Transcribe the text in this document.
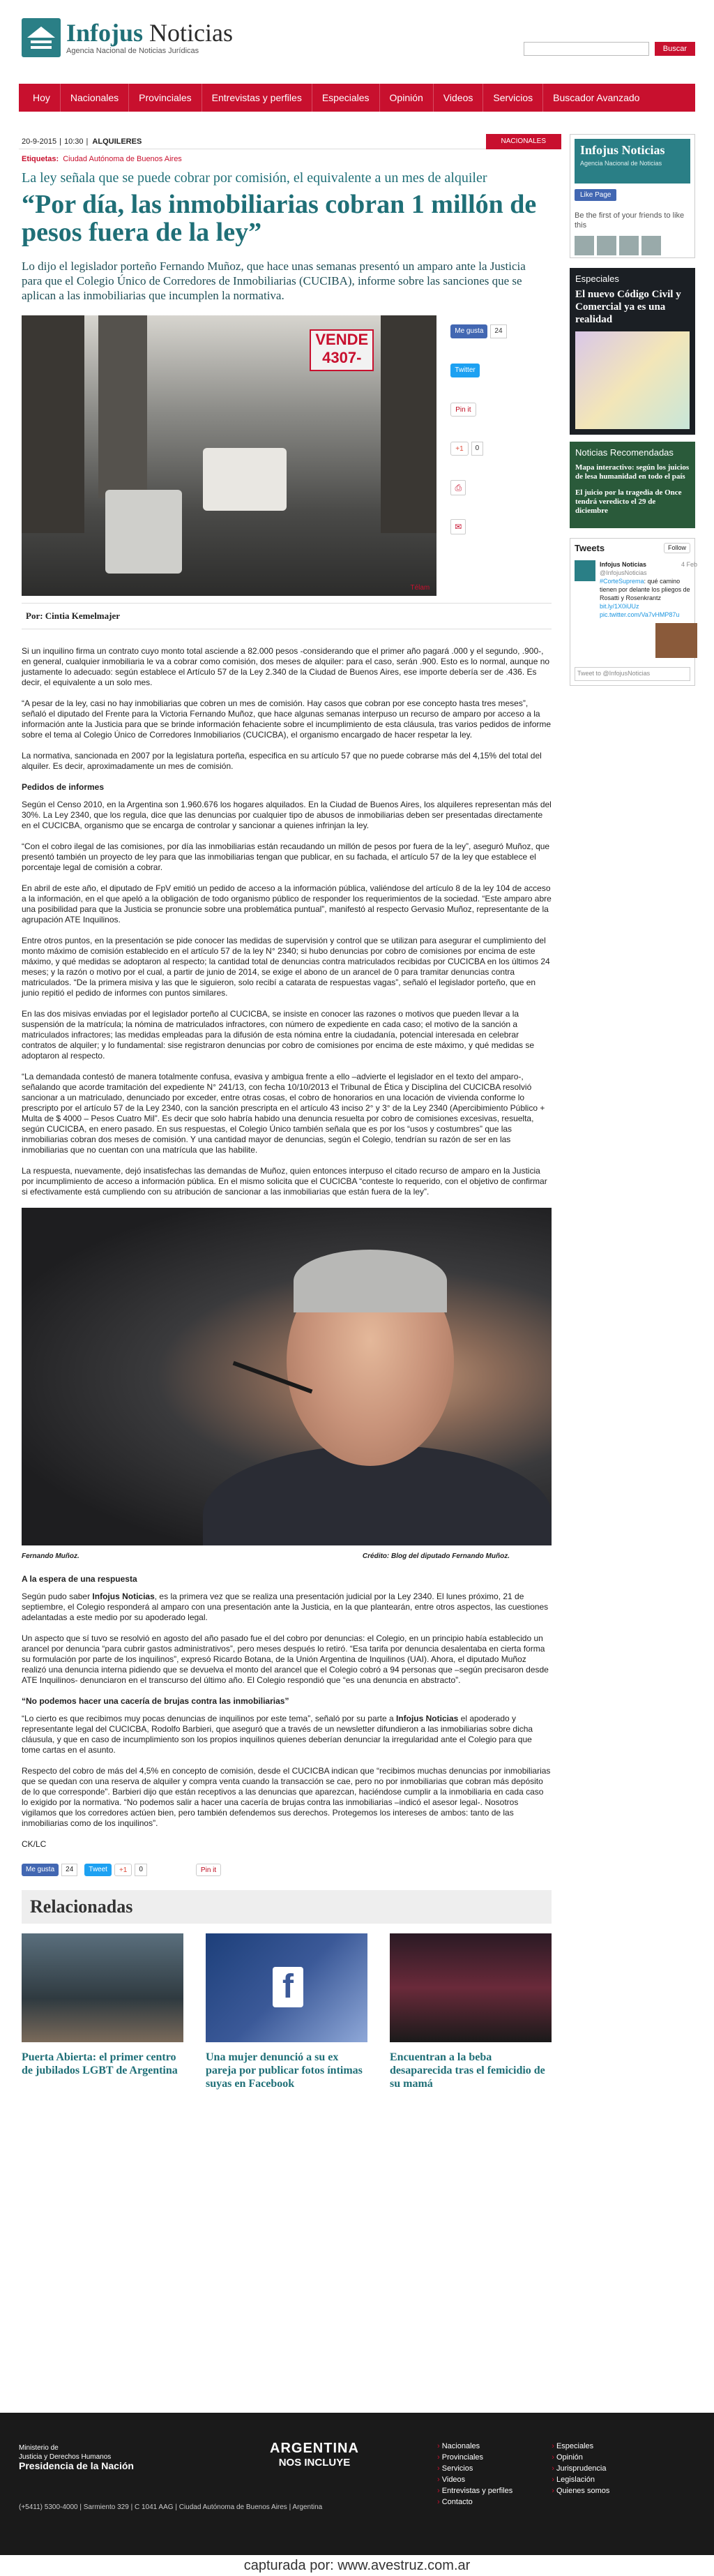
Infojus Noticias
Agencia Nacional de Noticias Jurídicas	Buscar
Hoy	Nacionales	Provinciales	Entrevistas y perfiles	Especiales	Opinión	Videos	Servicios	Buscador Avanzado
20-9-2015 | 10:30 | ALQUILERES	NACIONALES
Etiquetas: Ciudad Autónoma de Buenos Aires
La ley señala que se puede cobrar por comisión, el equivalente a un mes de alquiler
“Por día, las inmobiliarias cobran 1 millón de pesos fuera de la ley”
Lo dijo el legislador porteño Fernando Muñoz, que hace unas semanas presentó un amparo ante la Justicia para que el Colegio Único de Corredores de Inmobiliarias (CUCIBA), informe sobre las sanciones que se aplican a las inmobiliarias que incumplen la normativa.
VENDE 4307-
Télam
Me gusta	24
Twitter
Pin it
+1	0
⎙
✉
Por: Cintia Kemelmajer

Si un inquilino firma un contrato cuyo monto total asciende a 82.000 pesos -considerando que el primer año pagará .000 y el segundo, .900-, en general, cualquier inmobiliaria le va a cobrar como comisión, dos meses de alquiler: para el caso, serán .900. Esto es lo normal, aunque no justamente lo adecuado: según establece el Artículo 57 de la Ley 2.340 de la Ciudad de Buenos Aires, ese importe debería ser de .436. Es decir, el equivalente a un solo mes.

“A pesar de la ley, casi no hay inmobiliarias que cobren un mes de comisión. Hay casos que cobran por ese concepto hasta tres meses”, señaló el diputado del Frente para la Victoria Fernando Muñoz, que hace algunas semanas interpuso un recurso de amparo por acceso a la información ante la Justicia para que se brinde información fehaciente sobre el incumplimiento de esta cláusula, tras varios pedidos de informe sobre el tema al Colegio Único de Corredores Inmobiliarios (CUCICBA), el organismo encargado de hacer respetar la ley.

La normativa, sancionada en 2007 por la legislatura porteña, especifica en su artículo 57 que no puede cobrarse más del 4,15% del total del alquiler. Es decir, aproximadamente un mes de comisión.

Pedidos de informes

Según el Censo 2010, en la Argentina son 1.960.676 los hogares alquilados. En la Ciudad de Buenos Aires, los alquileres representan más del 30%. La Ley 2340, que los regula, dice que las denuncias por cualquier tipo de abusos de inmobiliarias deben ser presentadas directamente en el CUCICBA, organismo que se encarga de controlar y sancionar a quienes infrinjan la ley.

“Con el cobro ilegal de las comisiones, por día las inmobiliarias están recaudando un millón de pesos por fuera de la ley”, aseguró Muñoz, que presentó también un proyecto de ley para que las inmobiliarias tengan que publicar, en su fachada, el artículo 57 de la ley que establece el porcentaje legal de comisión a cobrar.

En abril de este año, el diputado de FpV emitió un pedido de acceso a la información pública, valiéndose del artículo 8 de la ley 104 de acceso a la información, en el que apeló a la obligación de todo organismo público de responder los requerimientos de la sociedad. “Este amparo abre una posibilidad para que la Justicia se pronuncie sobre una problemática puntual”, manifestó al respecto Gervasio Muñoz, representante de la agrupación ATE Inquilinos.

Entre otros puntos, en la presentación se pide conocer las medidas de supervisión y control que se utilizan para asegurar el cumplimiento del monto máximo de comisión establecido en el artículo 57 de la ley N° 2340; si hubo denuncias por cobro de comisiones por encima de este máximo, y qué medidas se adoptaron al respecto; la cantidad total de denuncias contra matriculados recibidas por CUCICBA en los últimos 24 meses; y la razón o motivo por el cual, a partir de junio de 2014, se exige el abono de un arancel de 0 para tramitar denuncias contra matriculados. “De la primera misiva y las que le siguieron, solo recibí a catarata de respuestas vagas”, señaló el legislador porteño, que en junio repitió el pedido de informes con puntos similares.

En las dos misivas enviadas por el legislador porteño al CUCICBA, se insiste en conocer las razones o motivos que pueden llevar a la suspensión de la matrícula; la nómina de matriculados infractores, con número de expediente en cada caso; el motivo de la sanción a matriculados infractores; las medidas empleadas para la difusión de esta nómina entre la ciudadanía, potencial interesada en celebrar contratos de alquiler; y lo fundamental: sise registraron denuncias por cobro de comisiones por encima de este máximo, y qué medidas se adoptaron al respecto.

“La demandada contestó de manera totalmente confusa, evasiva y ambigua frente a ello –advierte el legislador en el texto del amparo-, señalando que acorde tramitación del expediente N° 241/13, con fecha 10/10/2013 el Tribunal de Ética y Disciplina del CUCICBA resolvió sancionar a un matriculado, denunciado por exceder, entre otras cosas, el cobro de honorarios en una locación de vivienda conforme lo prescripto por el artículo 57 de la Ley 2340, con la sanción prescripta en el artículo 43 inciso 2° y 3° de la Ley 2340 (Apercibimiento Público + Multa de $ 4000 – Pesos Cuatro Mil”. Es decir que solo habría habido una denuncia resuelta por cobro de comisiones excesivas, resuelta, según CUCICBA, en enero pasado. En sus respuestas, el Colegio Único también señala que es por los “usos y costumbres” que las inmobiliarias cobran dos meses de comisión. Y una cantidad mayor de denuncias, según el Colegio, tendrían su razón de ser en las inmobiliarias que no cuentan con una matrícula que las habilite.

La respuesta, nuevamente, dejó insatisfechas las demandas de Muñoz, quien entonces interpuso el citado recurso de amparo en la Justicia por incumplimiento de acceso a información pública. En el mismo solicita que el CUCICBA “conteste lo requerido, con el objetivo de confirmar si efectivamente está cumpliendo con su atribución de sancionar a las inmobiliarias que están fuera de la ley”.

Fernando Muñoz.	Crédito: Blog del diputado Fernando Muñoz.
A la espera de una respuesta

Según pudo saber Infojus Noticias, es la primera vez que se realiza una presentación judicial por la Ley 2340. El lunes próximo, 21 de septiembre, el Colegio responderá al amparo con una presentación ante la Justicia, en la que plantearán, entre otros aspectos, las cuestiones adelantadas a este medio por su apoderado legal.

Un aspecto que sí tuvo se resolvió en agosto del año pasado fue el del cobro por denuncias: el Colegio, en un principio había establecido un arancel por denuncia “para cubrir gastos administrativos”, pero meses después lo retiró. “Esa tarifa por denuncia desalentaba en cierta forma su formulación por parte de los inquilinos”, expresó Ricardo Botana, de la Unión Argentina de Inquilinos (UAI). Ahora, el diputado Muñoz realizó una denuncia interna pidiendo que se devuelva el monto del arancel que el Colegio cobró a 94 personas que –según precisaron desde ATE Inquilinos- denunciaron en el transcurso del último año. El Colegio respondió que “es una denuncia en abstracto”.

“No podemos hacer una cacería de brujas contra las inmobiliarias”

“Lo cierto es que recibimos muy pocas denuncias de inquilinos por este tema”, señaló por su parte a Infojus Noticias el apoderado y representante legal del CUCICBA, Rodolfo Barbieri, que aseguró que a través de un newsletter difundieron a las inmobiliarias sobre dicha cláusula, y que en caso de incumplimiento son los propios inquilinos quienes deberían denunciar la irregularidad ante el Colegio para que tome cartas en el asunto.

Respecto del cobro de más del 4,5% en concepto de comisión, desde el CUCICBA indican que “recibimos muchas denuncias por inmobiliarias que se quedan con una reserva de alquiler y compra venta cuando la transacción se cae, pero no por inmobiliarias que cobran más depósito de lo que corresponde”. Barbieri dijo que están receptivos a las denuncias que aparezcan, haciéndose cumplir a la inmobiliaria en cada caso lo exigido por la normativa. “No podemos salir a hacer una cacería de brujas contra las inmobiliarias –indicó el asesor legal-. Nosotros vigilamos que los corredores actúen bien, pero también defendemos sus derechos. Protegemos los intereses de ambos: tanto de las inmobiliarias como de los inquilinos”.

CK/LC

Me gusta	24	Tweet	+1	0	Pin it
Relacionadas
Puerta Abierta: el primer centro de jubilados LGBT de Argentina
f
Una mujer denunció a su ex pareja por publicar fotos íntimas suyas en Facebook
Encuentran a la beba desaparecida tras el femicidio de su mamá
Infojus Noticias
Agencia Nacional de Noticias
Like Page
Be the first of your friends to like this
Especiales
El nuevo Código Civil y Comercial ya es una realidad
Noticias Recomendadas
Mapa interactivo: según los juicios de lesa humanidad en todo el país
El juicio por la tragedia de Once tendrá veredicto el 29 de diciembre
Tweets	Follow
Infojus Noticias	4 Feb

@InfojusNoticias
#CorteSuprema: qué camino tienen por delante los pliegos de Rosatti y Rosenkrantz bit.ly/1X0iUUz
pic.twitter.com/Va7vHMP87u
Tweet to @InfojusNoticias
Ministerio de
Justicia y Derechos Humanos
Presidencia de la Nación
ARGENTINA
NOS INCLUYE
› Nacionales
› Provinciales
› Servicios
› Videos
› Entrevistas y perfiles
› Contacto
› Especiales
› Opinión
› Jurisprudencia
› Legislación
› Quienes somos
(+5411) 5300-4000 | Sarmiento 329 | C 1041 AAG | Ciudad Autónoma de Buenos Aires | Argentina
capturada por: www.avestruz.com.ar
